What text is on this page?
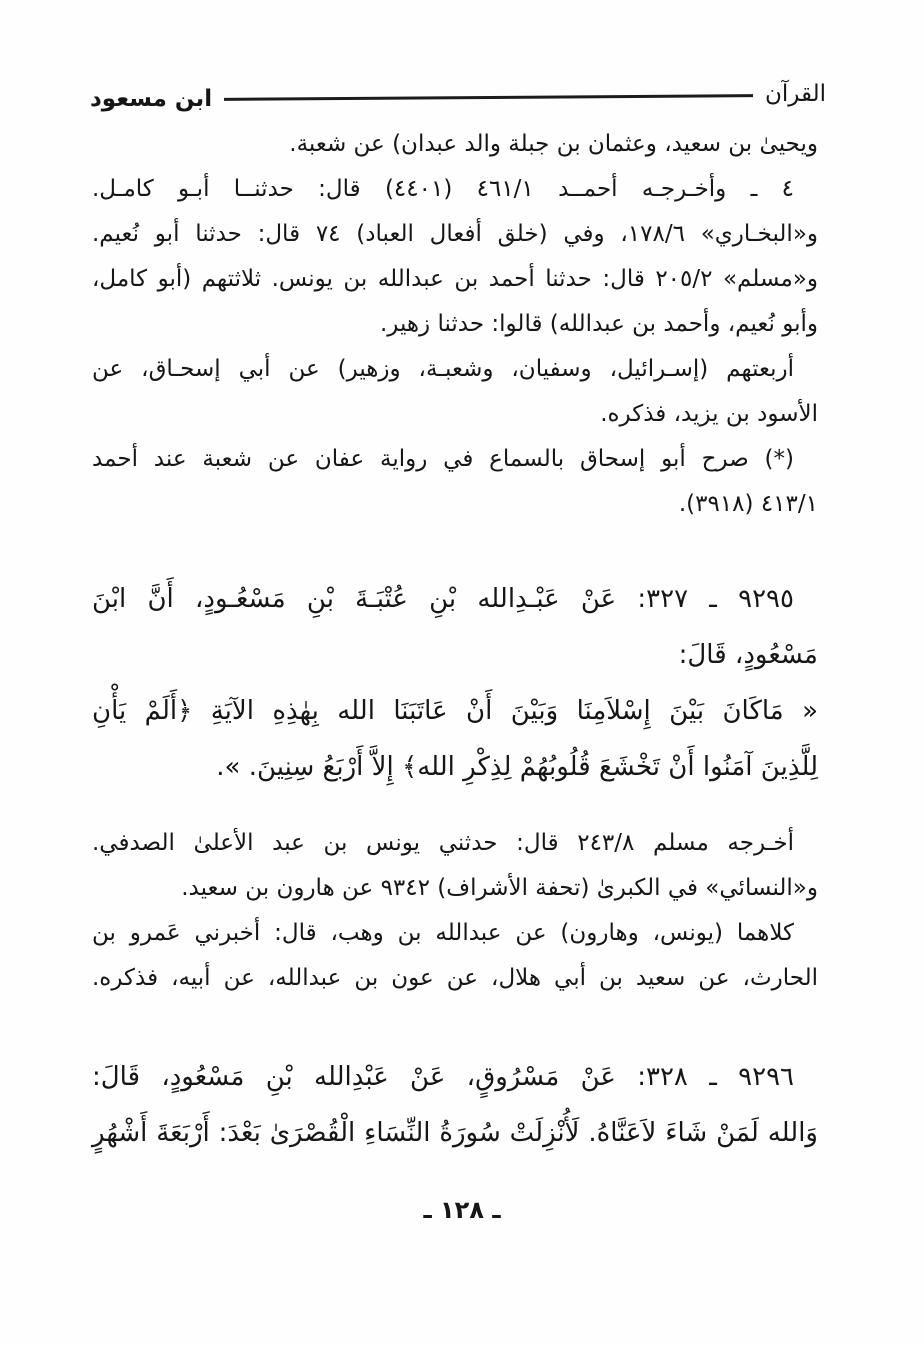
القرآن
ابن مسعود
ويحيىٰ بن سعيد، وعثمان بن جبلة والد عبدان) عن شعبة.
٤ ـ وأخـرجـه أحمــد ٤٦١/١ (٤٤٠١) قال: حدثنــا أبـو كامـل.
و«البخـاري» ١٧٨/٦، وفي (خلق أفعال العباد) ٧٤ قال: حدثنا أبو نُعيم.
و«مسلم» ٢٠٥/٢ قال: حدثنا أحمد بن عبدالله بن يونس. ثلاثتهم (أبو كامل،
وأبو نُعيم، وأحمد بن عبدالله) قالوا: حدثنا زهير.
أربعتهم (إسـرائيل، وسفيان، وشعبـة، وزهير) عن أبي إسحـاق، عن
الأسود بن يزيد، فذكره.
(*) صرح أبو إسحاق بالسماع في رواية عفان عن شعبة عند أحمد
٤١٣/١ (٣٩١٨).
٩٢٩٥ ـ ٣٢٧: عَنْ عَبْـدِالله بْنِ عُتْبَـةَ بْنِ مَسْعُـودٍ، أَنَّ ابْنَ
مَسْعُودٍ، قَالَ:
« مَاكَانَ بَيْنَ إِسْلاَمِنَا وَبَيْنَ أَنْ عَاتَبَنَا الله بِهٰذِهِ الآيَةِ ﴿أَلَمْ يَأْنِ
لِلَّذِينَ آمَنُوا أَنْ تَخْشَعَ قُلُوبُهُمْ لِذِكْرِ الله﴾ إِلاَّ أَرْبَعُ سِنِينَ. ».
أخـرجه مسلم ٢٤٣/٨ قال: حدثني يونس بن عبد الأعلىٰ الصدفي.
و«النسائي» في الكبرىٰ (تحفة الأشراف) ٩٣٤٢ عن هارون بن سعيد.
كلاهما (يونس، وهارون) عن عبدالله بن وهب، قال: أخبرني عَمرو بن
الحارث، عن سعيد بن أبي هلال، عن عون بن عبدالله، عن أبيه، فذكره.
٩٢٩٦ ـ ٣٢٨: عَنْ مَسْرُوقٍ، عَنْ عَبْدِالله بْنِ مَسْعُودٍ، قَالَ:
وَالله لَمَنْ شَاءَ لاَعَنَّاهُ. لَأُنْزِلَتْ سُورَةُ النِّسَاءِ الْقُصْرَىٰ بَعْدَ: أَرْبَعَةَ أَشْهُرٍ
ـ ١٢٨ ـ
